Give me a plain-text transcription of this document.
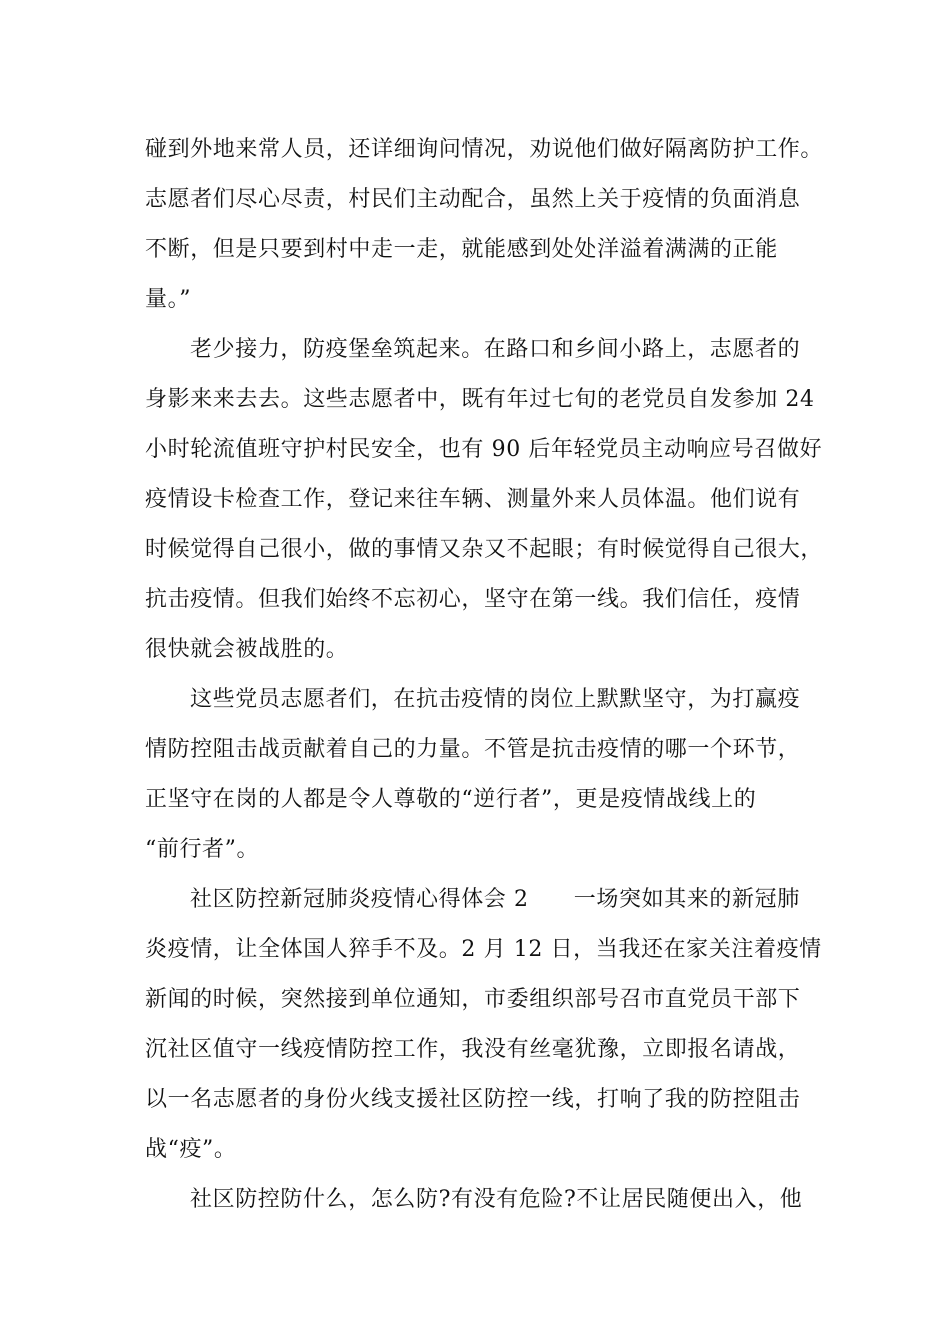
碰到外地来常人员，还详细询问情况，劝说他们做好隔离防护工作。
志愿者们尽心尽责，村民们主动配合，虽然上关于疫情的负面消息
不断，但是只要到村中走一走，就能感到处处洋溢着满满的正能
量。”
老少接力，防疫堡垒筑起来。在路口和乡间小路上，志愿者的
身影来来去去。这些志愿者中，既有年过七旬的老党员自发参加 24
小时轮流值班守护村民安全，也有 90 后年轻党员主动响应号召做好
疫情设卡检查工作，登记来往车辆、测量外来人员体温。他们说有
时候觉得自己很小，做的事情又杂又不起眼；有时候觉得自己很大，
抗击疫情。但我们始终不忘初心，坚守在第一线。我们信任，疫情
很快就会被战胜的。
这些党员志愿者们，在抗击疫情的岗位上默默坚守，为打赢疫
情防控阻击战贡献着自己的力量。不管是抗击疫情的哪一个环节，
正坚守在岗的人都是令人尊敬的“逆行者”，更是疫情战线上的
“前行者”。
社区防控新冠肺炎疫情心得体会 2　　一场突如其来的新冠肺
炎疫情，让全体国人猝手不及。2 月 12 日，当我还在家关注着疫情
新闻的时候，突然接到单位通知，市委组织部号召市直党员干部下
沉社区值守一线疫情防控工作，我没有丝毫犹豫，立即报名请战，
以一名志愿者的身份火线支援社区防控一线，打响了我的防控阻击
战“疫”。
社区防控防什么，怎么防?有没有危险?不让居民随便出入，他
